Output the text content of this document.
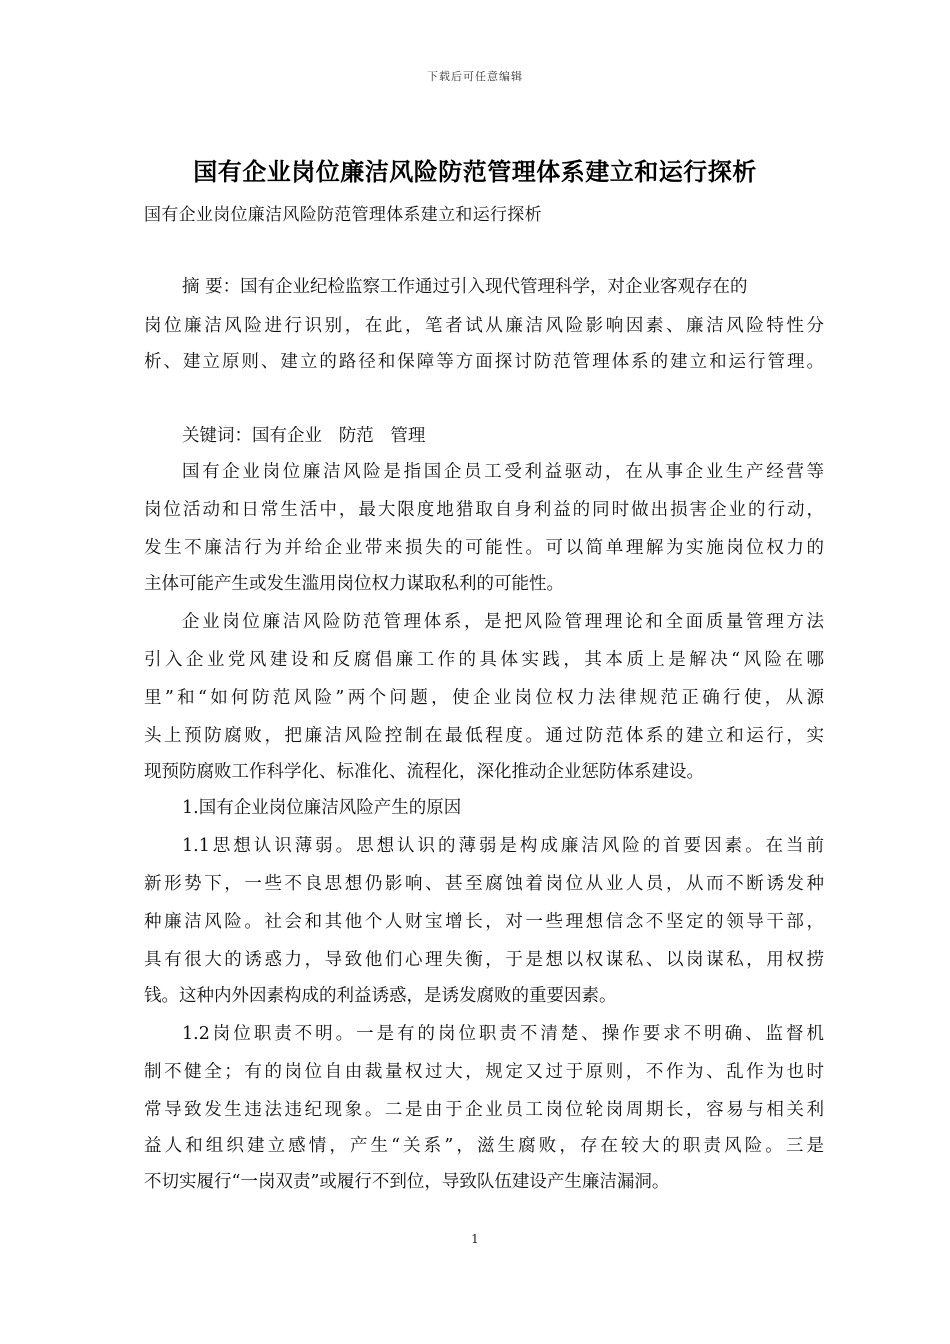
下载后可任意编辑
国有企业岗位廉洁风险防范管理体系建立和运行探析
国有企业岗位廉洁风险防范管理体系建立和运行探析
摘 要：国有企业纪检监察工作通过引入现代管理科学，对企业客观存在的
岗位廉洁风险进行识别，在此，笔者试从廉洁风险影响因素、廉洁风险特性分
析、建立原则、建立的路径和保障等方面探讨防范管理体系的建立和运行管理。
关键词：国有企业   防范   管理
国有企业岗位廉洁风险是指国企员工受利益驱动，在从事企业生产经营等
岗位活动和日常生活中，最大限度地猎取自身利益的同时做出损害企业的行动，
发生不廉洁行为并给企业带来损失的可能性。可以简单理解为实施岗位权力的
主体可能产生或发生滥用岗位权力谋取私利的可能性。
企业岗位廉洁风险防范管理体系，是把风险管理理论和全面质量管理方法
引入企业党风建设和反腐倡廉工作的具体实践，其本质上是解决“风险在哪
里”和“如何防范风险”两个问题，使企业岗位权力法律规范正确行使，从源
头上预防腐败，把廉洁风险控制在最低程度。通过防范体系的建立和运行，实
现预防腐败工作科学化、标准化、流程化，深化推动企业惩防体系建设。
1.国有企业岗位廉洁风险产生的原因
1.1思想认识薄弱。思想认识的薄弱是构成廉洁风险的首要因素。在当前
新形势下，一些不良思想仍影响、甚至腐蚀着岗位从业人员，从而不断诱发种
种廉洁风险。社会和其他个人财宝增长，对一些理想信念不坚定的领导干部，
具有很大的诱惑力，导致他们心理失衡，于是想以权谋私、以岗谋私，用权捞
钱。这种内外因素构成的利益诱惑，是诱发腐败的重要因素。
1.2岗位职责不明。一是有的岗位职责不清楚、操作要求不明确、监督机
制不健全；有的岗位自由裁量权过大，规定又过于原则，不作为、乱作为也时
常导致发生违法违纪现象。二是由于企业员工岗位轮岗周期长，容易与相关利
益人和组织建立感情，产生“关系”，滋生腐败，存在较大的职责风险。三是
不切实履行“一岗双责”或履行不到位，导致队伍建设产生廉洁漏洞。
1
